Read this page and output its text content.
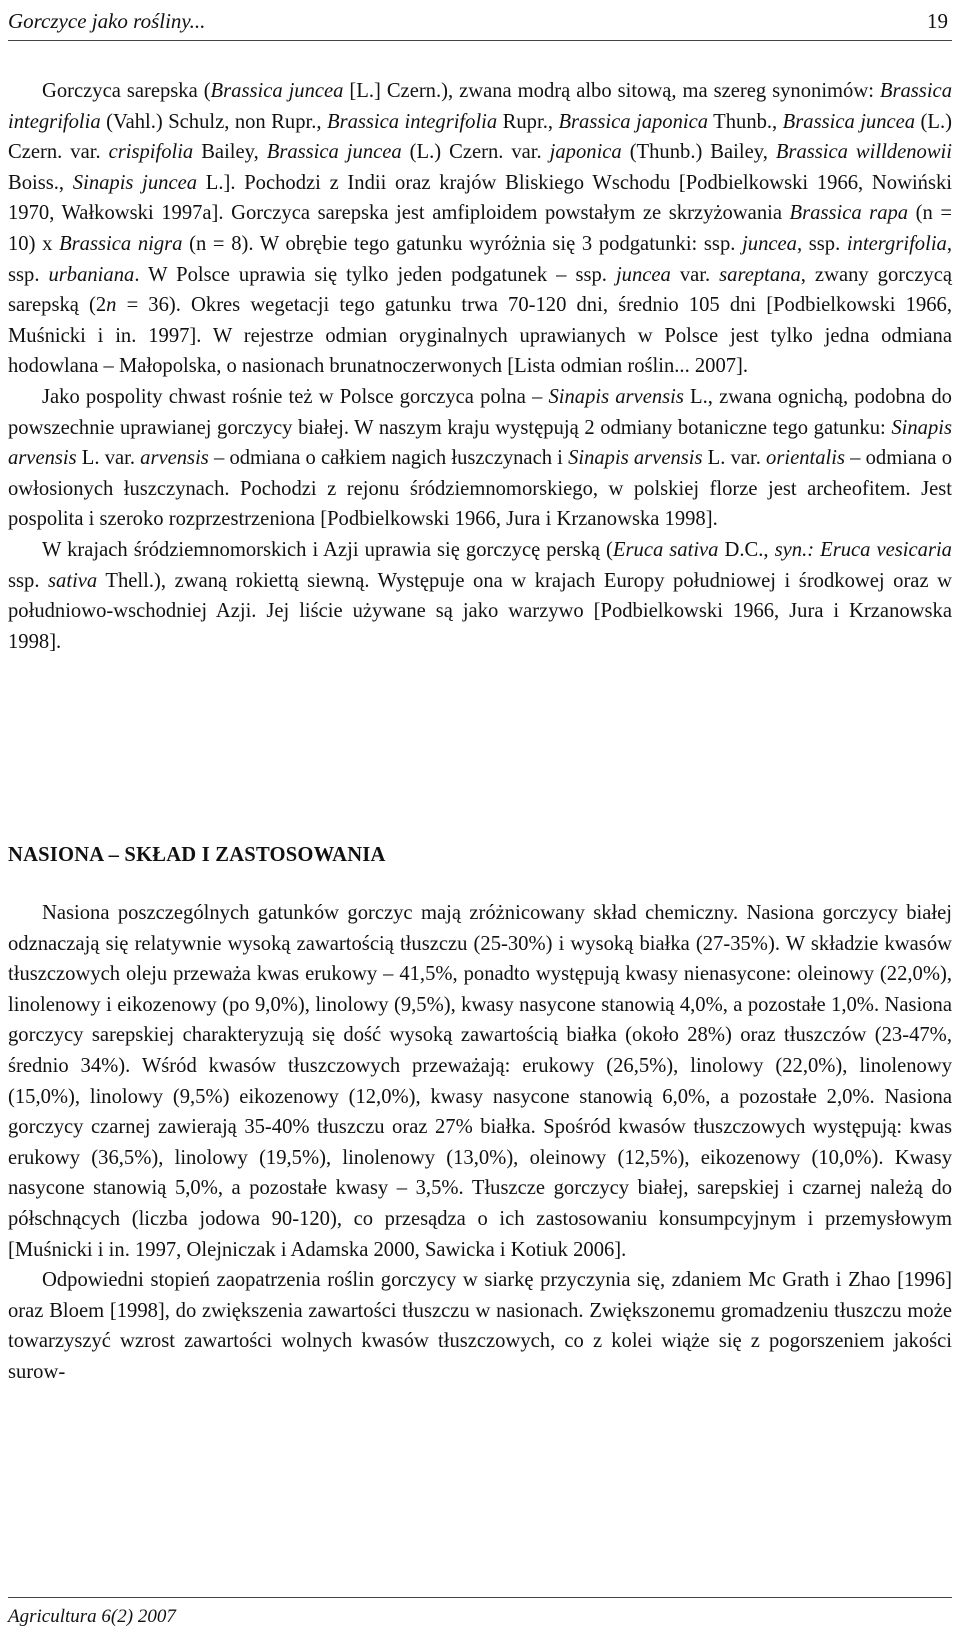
Gorczyce jako rośliny...	19

Gorczyca sarepska (Brassica juncea [L.] Czern.), zwana modrą albo sitową, ma szereg synonimów: Brassica integrifolia (Vahl.) Schulz, non Rupr., Brassica integrifolia Rupr., Brassica japonica Thunb., Brassica juncea (L.) Czern. var. crispifolia Bailey, Brassica juncea (L.) Czern. var. japonica (Thunb.) Bailey, Brassica willdenowii Boiss., Sinapis juncea L.]. Pochodzi z Indii oraz krajów Bliskiego Wschodu [Podbielkowski 1966, Nowiński 1970, Wałkowski 1997a]. Gorczyca sarepska jest amfiploidem powstałym ze skrzyżowania Brassica rapa (n = 10) x Brassica nigra (n = 8). W obrębie tego gatunku wyróżnia się 3 podgatunki: ssp. juncea, ssp. intergrifolia, ssp. urbaniana. W Polsce uprawia się tylko jeden podgatunek – ssp. juncea var. sareptana, zwany gorczycą sarepską (2n = 36). Okres wegetacji tego gatunku trwa 70-120 dni, średnio 105 dni [Podbielkowski 1966, Muśnicki i in. 1997]. W rejestrze odmian oryginalnych uprawianych w Polsce jest tylko jedna odmiana hodowlana – Małopolska, o nasionach brunatnoczerwonych [Lista odmian roślin... 2007].

Jako pospolity chwast rośnie też w Polsce gorczyca polna – Sinapis arvensis L., zwana ognichą, podobna do powszechnie uprawianej gorczycy białej. W naszym kraju występują 2 odmiany botaniczne tego gatunku: Sinapis arvensis L. var. arvensis – odmiana o całkiem nagich łuszczynach i Sinapis arvensis L. var. orientalis – odmiana o owłosionych łuszczynach. Pochodzi z rejonu śródziemnomorskiego, w polskiej florze jest archeofitem. Jest pospolita i szeroko rozprzestrzeniona [Podbielkowski 1966, Jura i Krzanowska 1998].

W krajach śródziemnomorskich i Azji uprawia się gorczycę perską (Eruca sativa D.C., syn.: Eruca vesicaria ssp. sativa Thell.), zwaną rokiettą siewną. Występuje ona w krajach Europy południowej i środkowej oraz w południowo-wschodniej Azji. Jej liście używane są jako warzywo [Podbielkowski 1966, Jura i Krzanowska 1998].

NASIONA – SKŁAD I ZASTOSOWANIA

Nasiona poszczególnych gatunków gorczyc mają zróżnicowany skład chemiczny. Nasiona gorczycy białej odznaczają się relatywnie wysoką zawartością tłuszczu (25-30%) i wysoką białka (27-35%). W składzie kwasów tłuszczowych oleju przeważa kwas erukowy – 41,5%, ponadto występują kwasy nienasycone: oleinowy (22,0%), linolenowy i eikozenowy (po 9,0%), linolowy (9,5%), kwasy nasycone stanowią 4,0%, a pozostałe 1,0%. Nasiona gorczycy sarepskiej charakteryzują się dość wysoką zawartością białka (około 28%) oraz tłuszczów (23-47%, średnio 34%). Wśród kwasów tłuszczowych przeważają: erukowy (26,5%), linolowy (22,0%), linolenowy (15,0%), linolowy (9,5%) eikozenowy (12,0%), kwasy nasycone stanowią 6,0%, a pozostałe 2,0%. Nasiona gorczycy czarnej zawierają 35-40% tłuszczu oraz 27% białka. Spośród kwasów tłuszczowych występują: kwas erukowy (36,5%), linolowy (19,5%), linolenowy (13,0%), oleinowy (12,5%), eikozenowy (10,0%). Kwasy nasycone stanowią 5,0%, a pozostałe kwasy – 3,5%. Tłuszcze gorczycy białej, sarepskiej i czarnej należą do półschnących (liczba jodowa 90-120), co przesądza o ich zastosowaniu konsumpcyjnym i przemysłowym [Muśnicki i in. 1997, Olejniczak i Adamska 2000, Sawicka i Kotiuk 2006].

Odpowiedni stopień zaopatrzenia roślin gorczycy w siarkę przyczynia się, zdaniem Mc Grath i Zhao [1996] oraz Bloem [1998], do zwiększenia zawartości tłuszczu w nasionach. Zwiększonemu gromadzeniu tłuszczu może towarzyszyć wzrost zawartości wolnych kwasów tłuszczowych, co z kolei wiąże się z pogorszeniem jakości surow-

Agricultura 6(2) 2007
